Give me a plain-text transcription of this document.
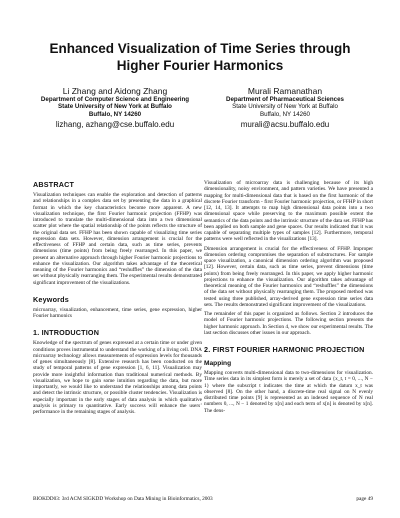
Enhanced Visualization of Time Series through Higher Fourier Harmonics
Li Zhang and Aidong Zhang
Department of Computer Science and Engineering
State University of New York at Buffalo
Buffalo, NY 14260
lizhang, azhang@cse.buffalo.edu
Murali Ramanathan
Department of Pharmaceutical Sciences
State University of New York at Buffalo
Buffalo, NY 14260
murali@acsu.buffalo.edu
ABSTRACT

Visualization techniques can enable the exploration and detection of patterns and relationships in a complex data set by presenting the data in a graphical format in which the key characteristics become more apparent. A new visualization technique, the first Fourier harmonic projection (FFHP) was introduced to translate the multi-dimensional data into a two dimensional scatter plot where the spatial relationship of the points reflects the structure of the original data set. FFHP has been shown capable of visualizing time series expression data sets. However, dimension arrangement is crucial for the effectiveness of FFHP and certain data, such as time series, prevents dimensions (time points) from being freely rearranged. In this paper, we present an alternative approach through higher Fourier harmonic projections to enhance the visualization. Our algorithm takes advantage of the theoretical meaning of the Fourier harmonics and “reshuffles” the dimension of the data set without physically rearranging them. The experimental results demonstrated significant improvement of the visualizations.

Keywords

microarray, visualization, enhancement, time series, gene expression, higher Fourier harmonics

1. INTRODUCTION

Knowledge of the spectrum of genes expressed at a certain time or under given conditions proves instrumental to understand the working of a living cell. DNA microarray technology allows measurements of expression levels for thousands of genes simultaneously [8]. Extensive research has been conducted on the study of temporal patterns of gene expression [1, 6, 11]. Visualization may provide more insightful information than traditional numerical methods. By visualization, we hope to gain some intuition regarding the data, but more importantly, we would like to understand the relationships among data points and detect the intrinsic structure, or possible cluster tendencies. Visualization is especially important in the early stages of data analysis in which qualitative analysis is primary to quantitative. Early success will enhance the users’ performance in the remaining stages of analysis.

Visualization of microarray data is challenging because of its high dimensionality, noisy environment, and pattern varieties. We have presented a mapping for multi-dimensional data that is based on the first harmonic of the discrete Fourier transform - first Fourier harmonic projection, or FFHP in short [12, 14, 13]. It attempts to map high dimensional data points into a two dimensional space while preserving to the maximum possible extent the semantics of the data points and the intrinsic structure of the data set. FFHP has been applied on both sample and gene spaces. Our results indicated that it was capable of separating multiple types of samples [12]. Furthermore, temporal patterns were well reflected in the visualizations [13].

Dimension arrangement is crucial for the effectiveness of FFHP. Improper dimension ordering compromises the separation of substructures. For sample space visualization, a canonical dimension ordering algorithm was proposed [12]. However, certain data, such as time series, prevent dimensions (time points) from being freely rearranged. In this paper, we apply higher harmonic projections to enhance the visualization. Our algorithm takes advantage of theoretical meaning of the Fourier harmonics and “reshuffles” the dimensions of the data set without physically rearranging them. The proposed method was tested using three published, array-derived gene expression time series data sets. The results demonstrated significant improvement of the visualizations.

The remainder of this paper is organized as follows. Section 2 introduces the model of Fourier harmonic projections. The following section presents the higher harmonic approach. In Section 4, we show our experimental results. The last section discusses other issues in our approach.

2. FIRST FOURIER HARMONIC PROJECTION
Mapping

Mapping converts multi-dimensional data to two-dimensions for visualization. Time series data in its simplest form is merely a set of data {x_t, t = 0, ..., N − 1} where the subscript t indicates the time at which the datum x_t was observed [8]. On the other hand, a discrete-time real signal on N evenly distributed time points [9] is represented as an indexed sequence of N real numbers 0, ..., N − 1 denoted by x[n] and each term of x[n] is denoted by x[n]. The dens-

BIOKDD03: 3rd ACM SIGKDD Workshop on Data Mining in Bioinformatics, 2003	page 49
